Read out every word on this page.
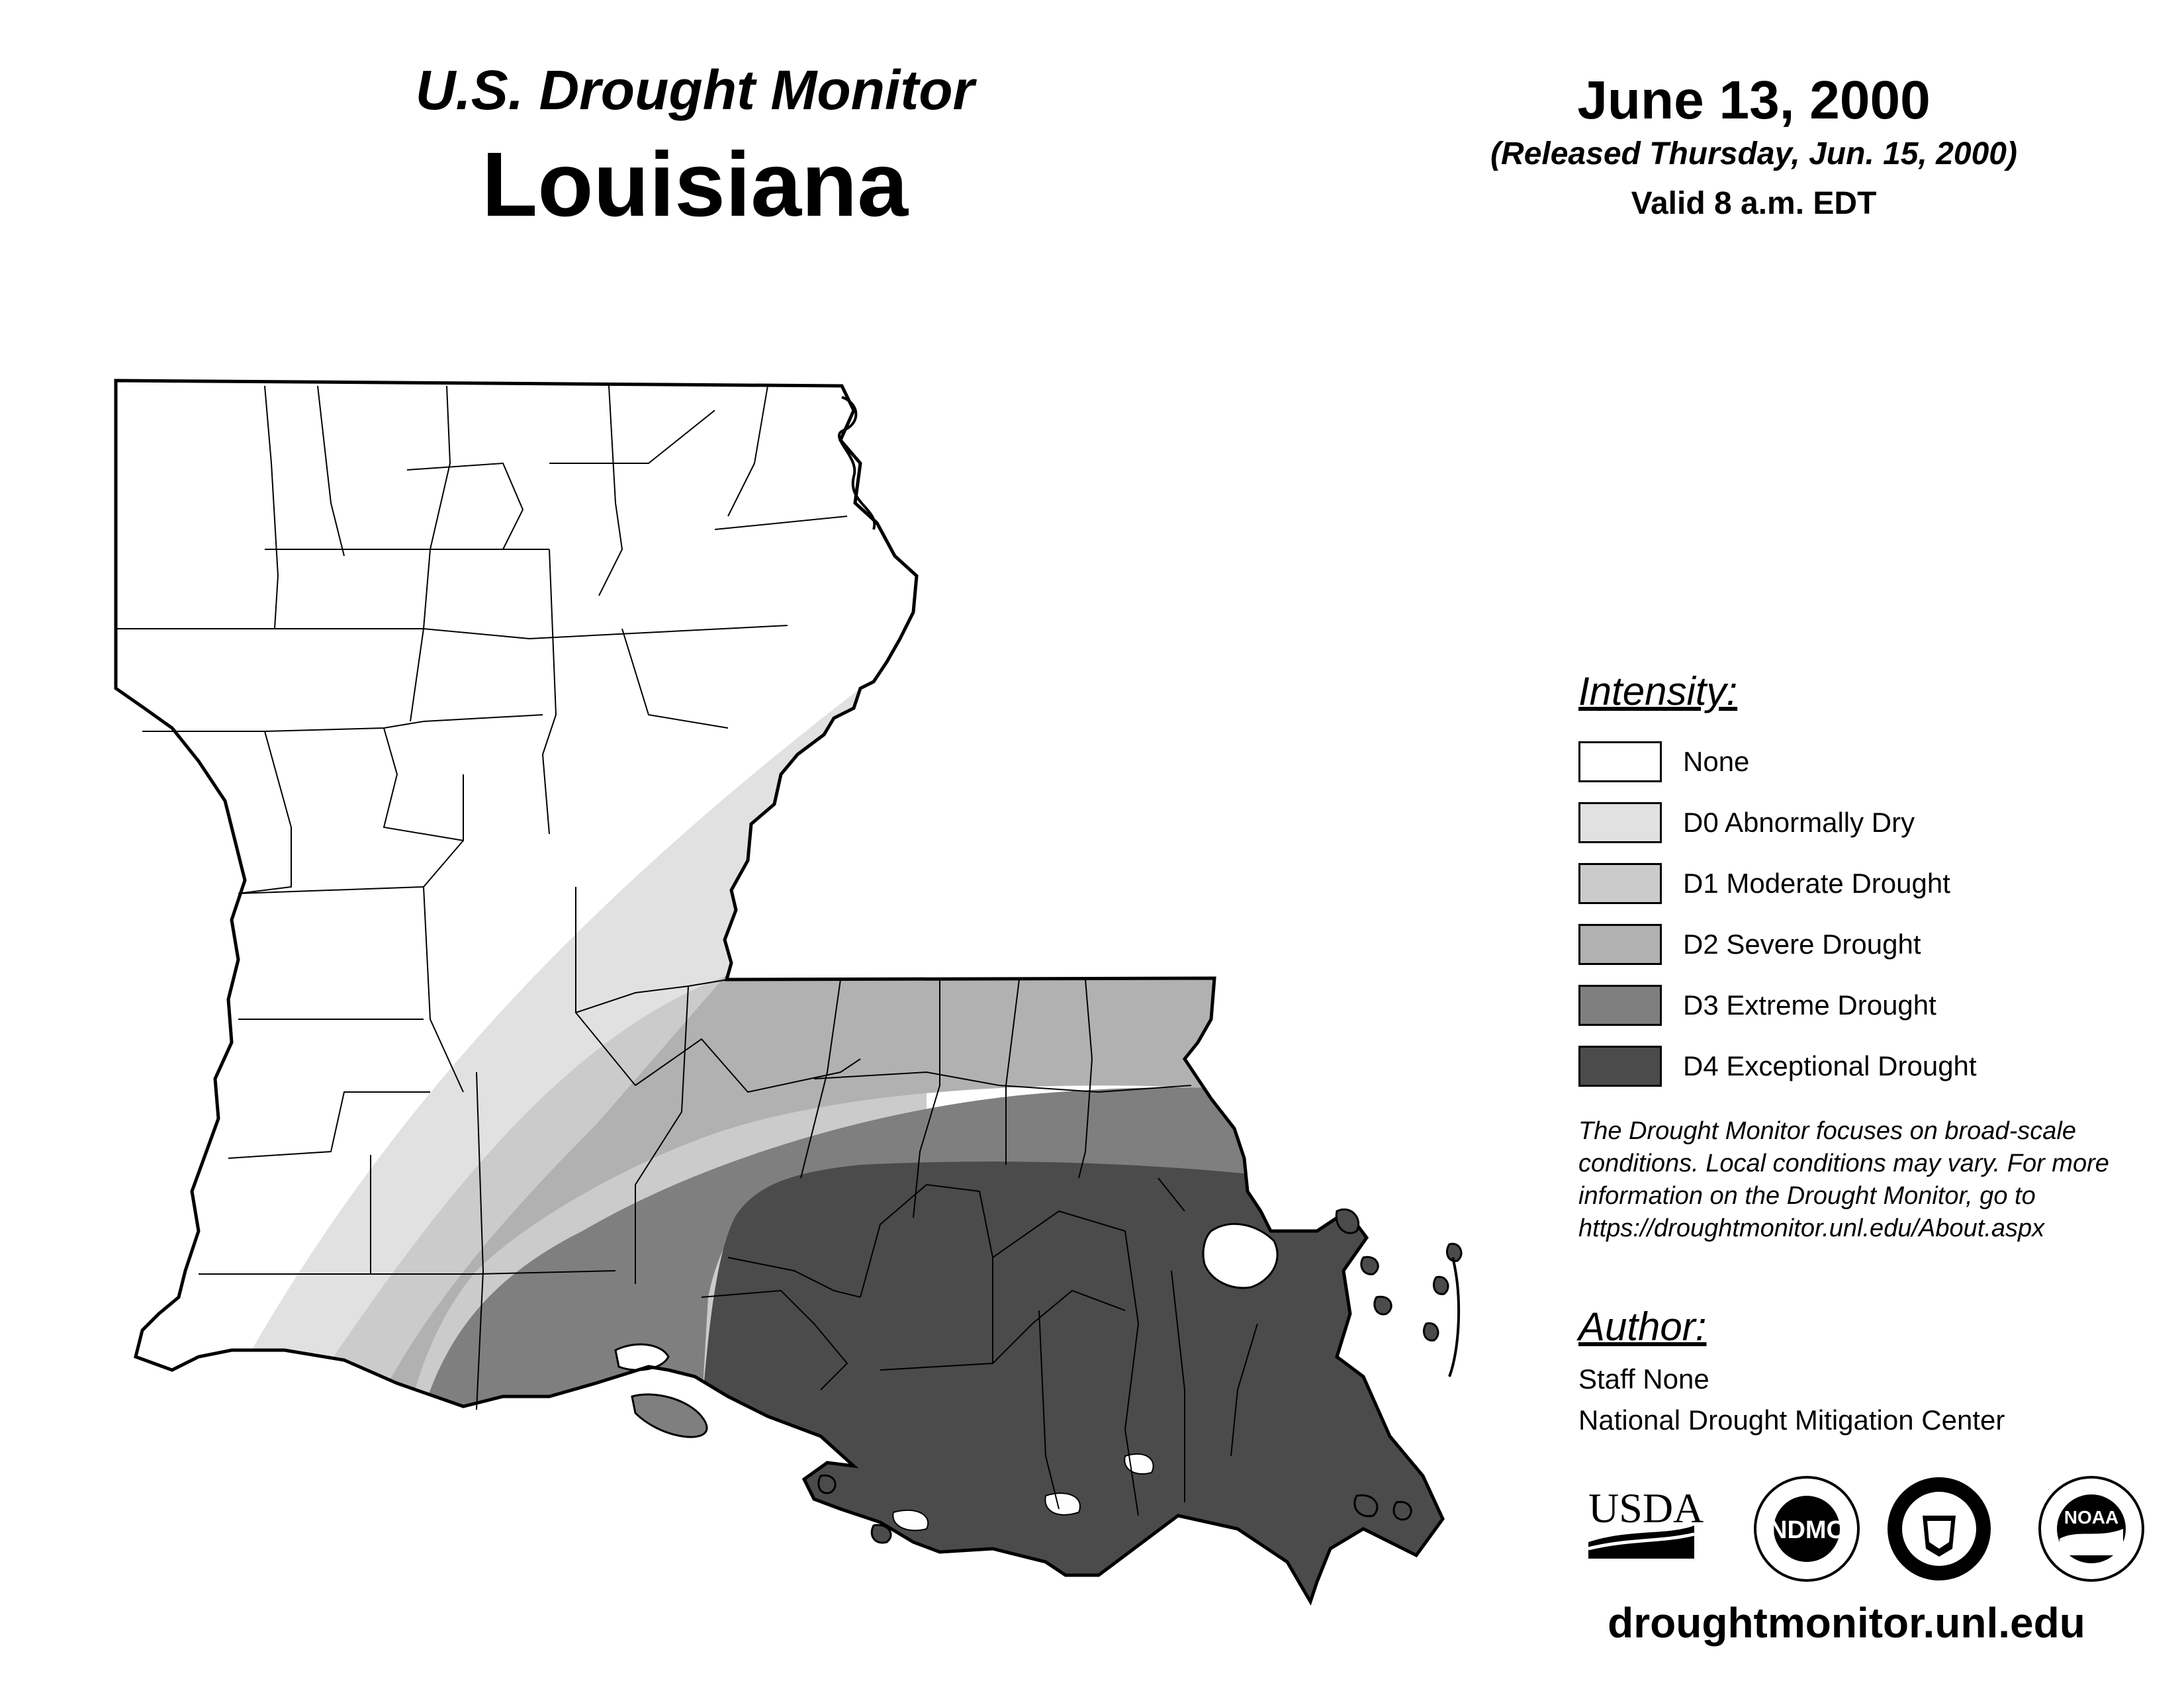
U.S. Drought Monitor
Louisiana
June 13, 2000
(Released Thursday, Jun. 15, 2000)
Valid 8 a.m. EDT
Intensity:
None
D0 Abnormally Dry
D1 Moderate Drought
D2 Severe Drought
D3 Extreme Drought
D4 Exceptional Drought
The Drought Monitor focuses on broad-scale
conditions. Local conditions may vary. For more
information on the Drought Monitor, go to
https://droughtmonitor.unl.edu/About.aspx
Author:
Staff None
National Drought Mitigation Center
USDA	NDMC	NOAA
droughtmonitor.unl.edu
